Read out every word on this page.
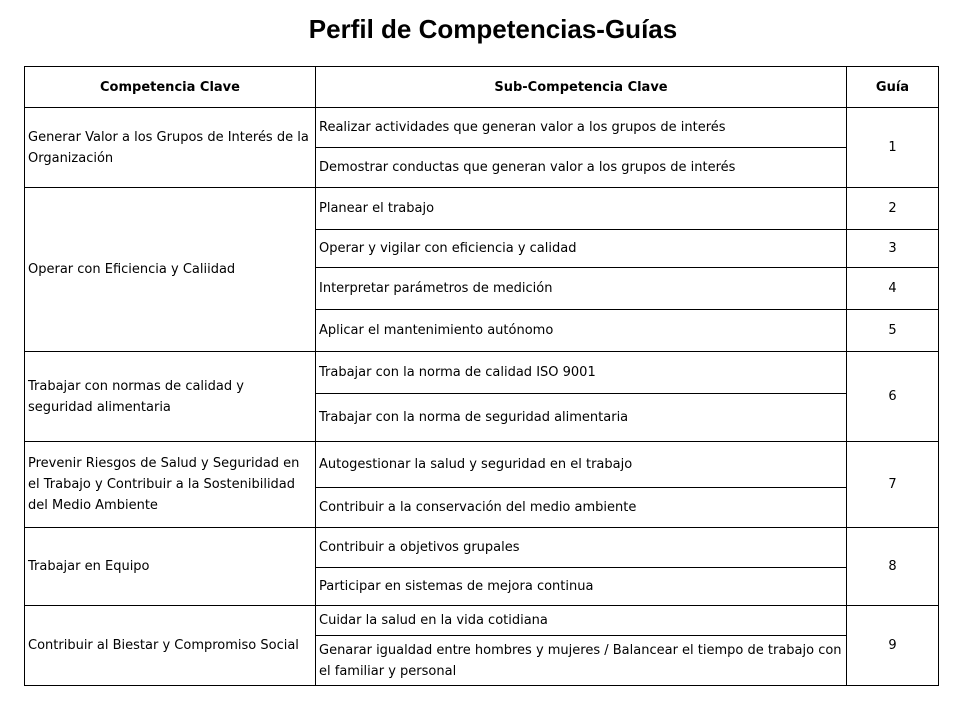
Perfil de Competencias-Guías
Competencia Clave	Sub-Competencia Clave	Guía
Generar Valor a los Grupos de Interés de la Organización	Realizar actividades que generan valor a los grupos de interés	1
	Demostrar conductas que generan valor a los grupos de interés	
Operar con Eficiencia y Caliidad	Planear el trabajo	2
	Operar y vigilar con eficiencia y calidad	3
	Interpretar parámetros de medición	4
	Aplicar el mantenimiento autónomo	5
Trabajar con normas de calidad y seguridad alimentaria	Trabajar con la norma de calidad ISO 9001	6
	Trabajar con la norma de seguridad alimentaria	
Prevenir Riesgos de Salud y Seguridad en el Trabajo y Contribuir a la Sostenibilidad del Medio Ambiente	Autogestionar la salud y seguridad en el trabajo	7
	Contribuir a la conservación del medio ambiente	
Trabajar en Equipo	Contribuir a objetivos grupales	8
	Participar en sistemas de mejora continua	
Contribuir al Biestar y Compromiso Social	Cuidar la salud en la vida cotidiana	9
	Genarar igualdad entre hombres y mujeres / Balancear el tiempo de trabajo con el familiar y personal	
